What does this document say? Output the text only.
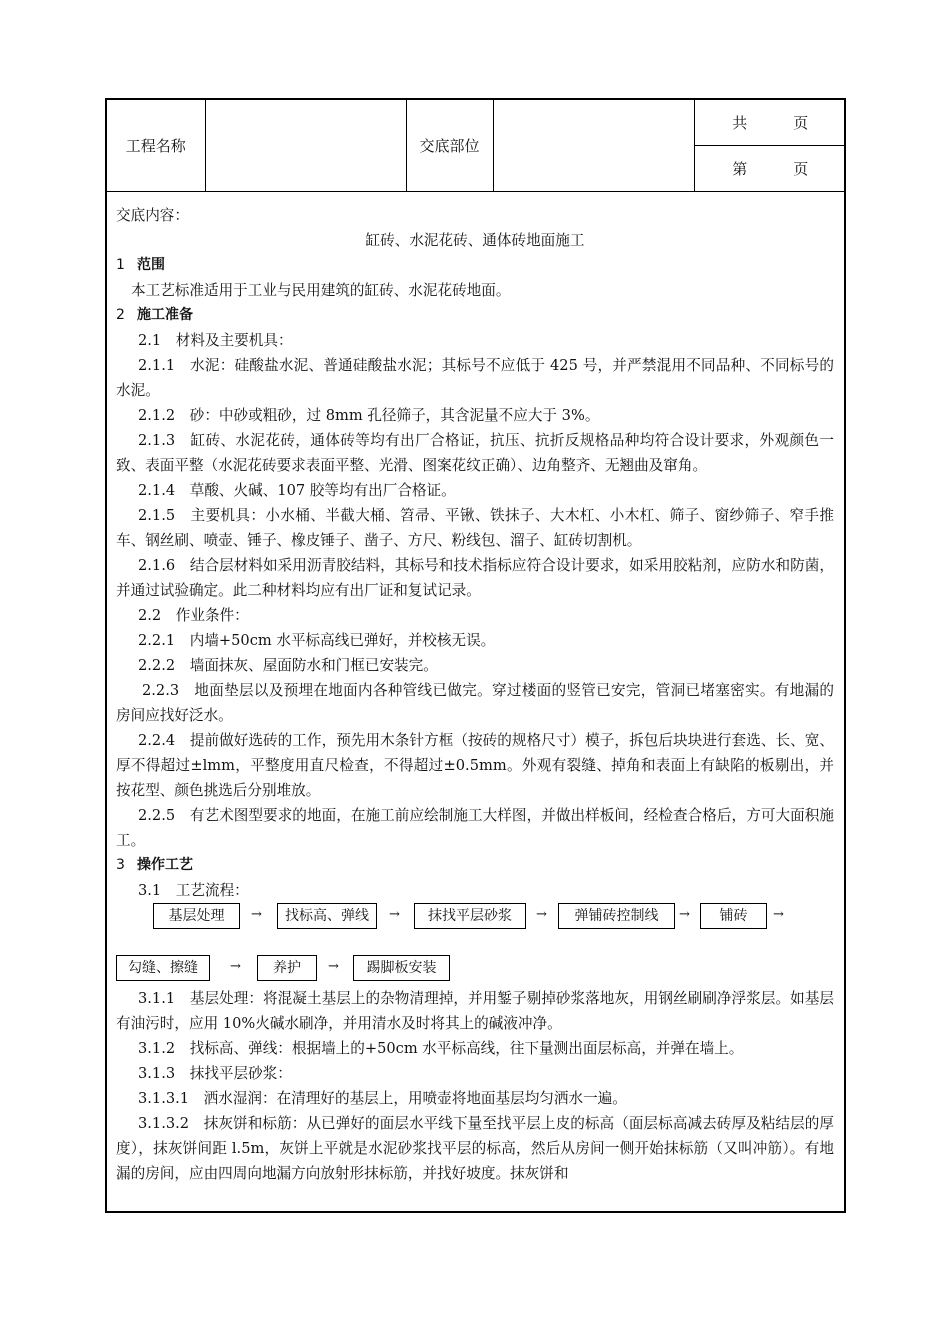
工程名称		交底部位		共	页
第	页

交底内容：

缸砖、水泥花砖、通体砖地面施工

1 范围

本工艺标准适用于工业与民用建筑的缸砖、水泥花砖地面。

2 施工准备

2.1　材料及主要机具：

2.1.1　水泥：硅酸盐水泥、普通硅酸盐水泥；其标号不应低于 425 号，并严禁混用不同品种、不同标号的水泥。

2.1.2　砂：中砂或粗砂，过 8mm 孔径筛子，其含泥量不应大于 3%。

2.1.3　缸砖、水泥花砖，通体砖等均有出厂合格证，抗压、抗折反规格品种均符合设计要求，外观颜色一致、表面平整（水泥花砖要求表面平整、光滑、图案花纹正确）、边角整齐、无翘曲及窜角。

2.1.4　草酸、火碱、107 胶等均有出厂合格证。

2.1.5　主要机具：小水桶、半截大桶、笤帚、平锹、铁抹子、大木杠、小木杠、筛子、窗纱筛子、窄手推车、钢丝刷、喷壶、锤子、橡皮锤子、凿子、方尺、粉线包、溜子、缸砖切割机。

2.1.6　结合层材料如采用沥青胶结料，其标号和技术指标应符合设计要求，如采用胶粘剂，应防水和防菌，并通过试验确定。此二种材料均应有出厂证和复试记录。

2.2　作业条件：

2.2.1　内墙+50cm 水平标高线已弹好，并校核无误。

2.2.2　墙面抹灰、屋面防水和门框已安装完。

2.2.3　地面垫层以及预埋在地面内各种管线已做完。穿过楼面的竖管已安完，管洞已堵塞密实。有地漏的房间应找好泛水。

2.2.4　提前做好选砖的工作，预先用木条针方框（按砖的规格尺寸）模子，拆包后块块进行套选、长、宽、厚不得超过±lmm，平整度用直尺检查，不得超过±0.5mm。外观有裂缝、掉角和表面上有缺陷的板剔出，并按花型、颜色挑选后分别堆放。

2.2.5　有艺术图型要求的地面，在施工前应绘制施工大样图，并做出样板间，经检查合格后，方可大面积施工。

3 操作工艺

3.1　工艺流程：

基层处理	→	找标高、弹线	→	抹找平层砂浆	→	弹铺砖控制线	→	铺砖	→
勾缝、擦缝	→	养护	→	踢脚板安装

3.1.1　基层处理：将混凝土基层上的杂物清理掉，并用錾子剔掉砂浆落地灰，用钢丝刷刷净浮浆层。如基层有油污时，应用 10%火碱水刷净，并用清水及时将其上的碱液冲净。

3.1.2　找标高、弹线：根据墙上的+50cm 水平标高线，往下量测出面层标高，并弹在墙上。

3.1.3　抹找平层砂浆：

3.1.3.1　洒水湿润：在清理好的基层上，用喷壶将地面基层均匀洒水一遍。

3.1.3.2　抹灰饼和标筋：从已弹好的面层水平线下量至找平层上皮的标高（面层标高减去砖厚及粘结层的厚度），抹灰饼间距 l.5m，灰饼上平就是水泥砂浆找平层的标高，然后从房间一侧开始抹标筋（又叫冲筋）。有地漏的房间，应由四周向地漏方向放射形抹标筋，并找好坡度。抹灰饼和
